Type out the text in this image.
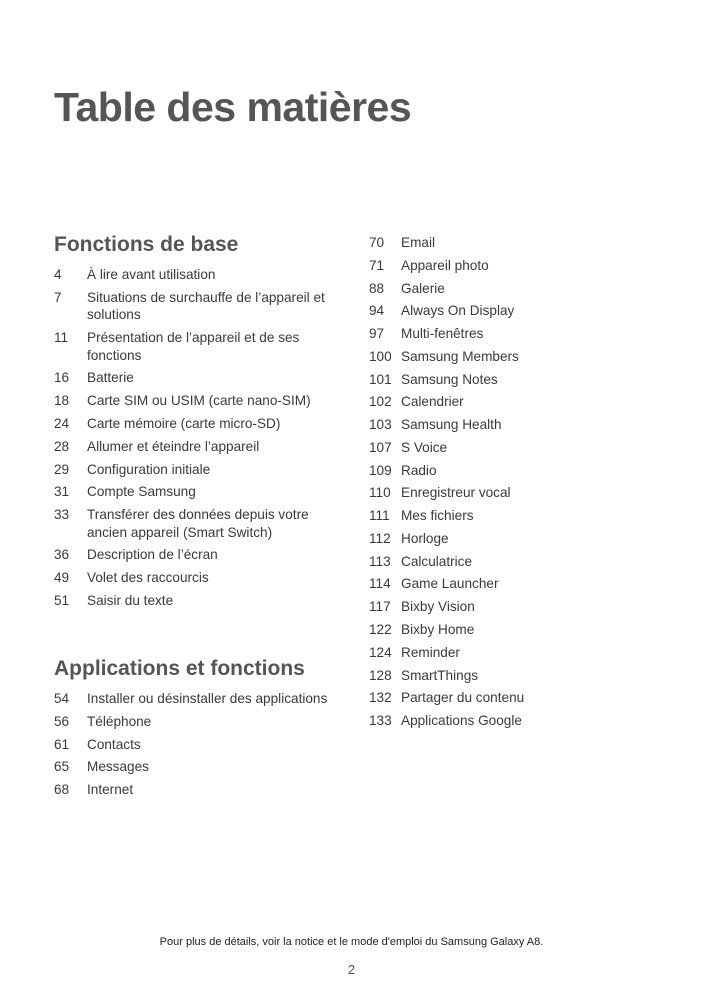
Table des matières
Fonctions de base
4	À lire avant utilisation
7	Situations de surchauffe de l’appareil et solutions
11	Présentation de l’appareil et de ses fonctions
16	Batterie
18	Carte SIM ou USIM (carte nano-SIM)
24	Carte mémoire (carte micro-SD)
28	Allumer et éteindre l’appareil
29	Configuration initiale
31	Compte Samsung
33	Transférer des données depuis votre ancien appareil (Smart Switch)
36	Description de l’écran
49	Volet des raccourcis
51	Saisir du texte
Applications et fonctions
54	Installer ou désinstaller des applications
56	Téléphone
61	Contacts
65	Messages
68	Internet
70	Email
71	Appareil photo
88	Galerie
94	Always On Display
97	Multi-fenêtres
100 Samsung Members
101 Samsung Notes
102 Calendrier
103 Samsung Health
107 S Voice
109 Radio
110 Enregistreur vocal
111 Mes fichiers
112 Horloge
113 Calculatrice
114 Game Launcher
117 Bixby Vision
122 Bixby Home
124 Reminder
128 SmartThings
132 Partager du contenu
133 Applications Google

Pour plus de détails, voir la notice et le mode d'emploi du Samsung Galaxy A8.

2
